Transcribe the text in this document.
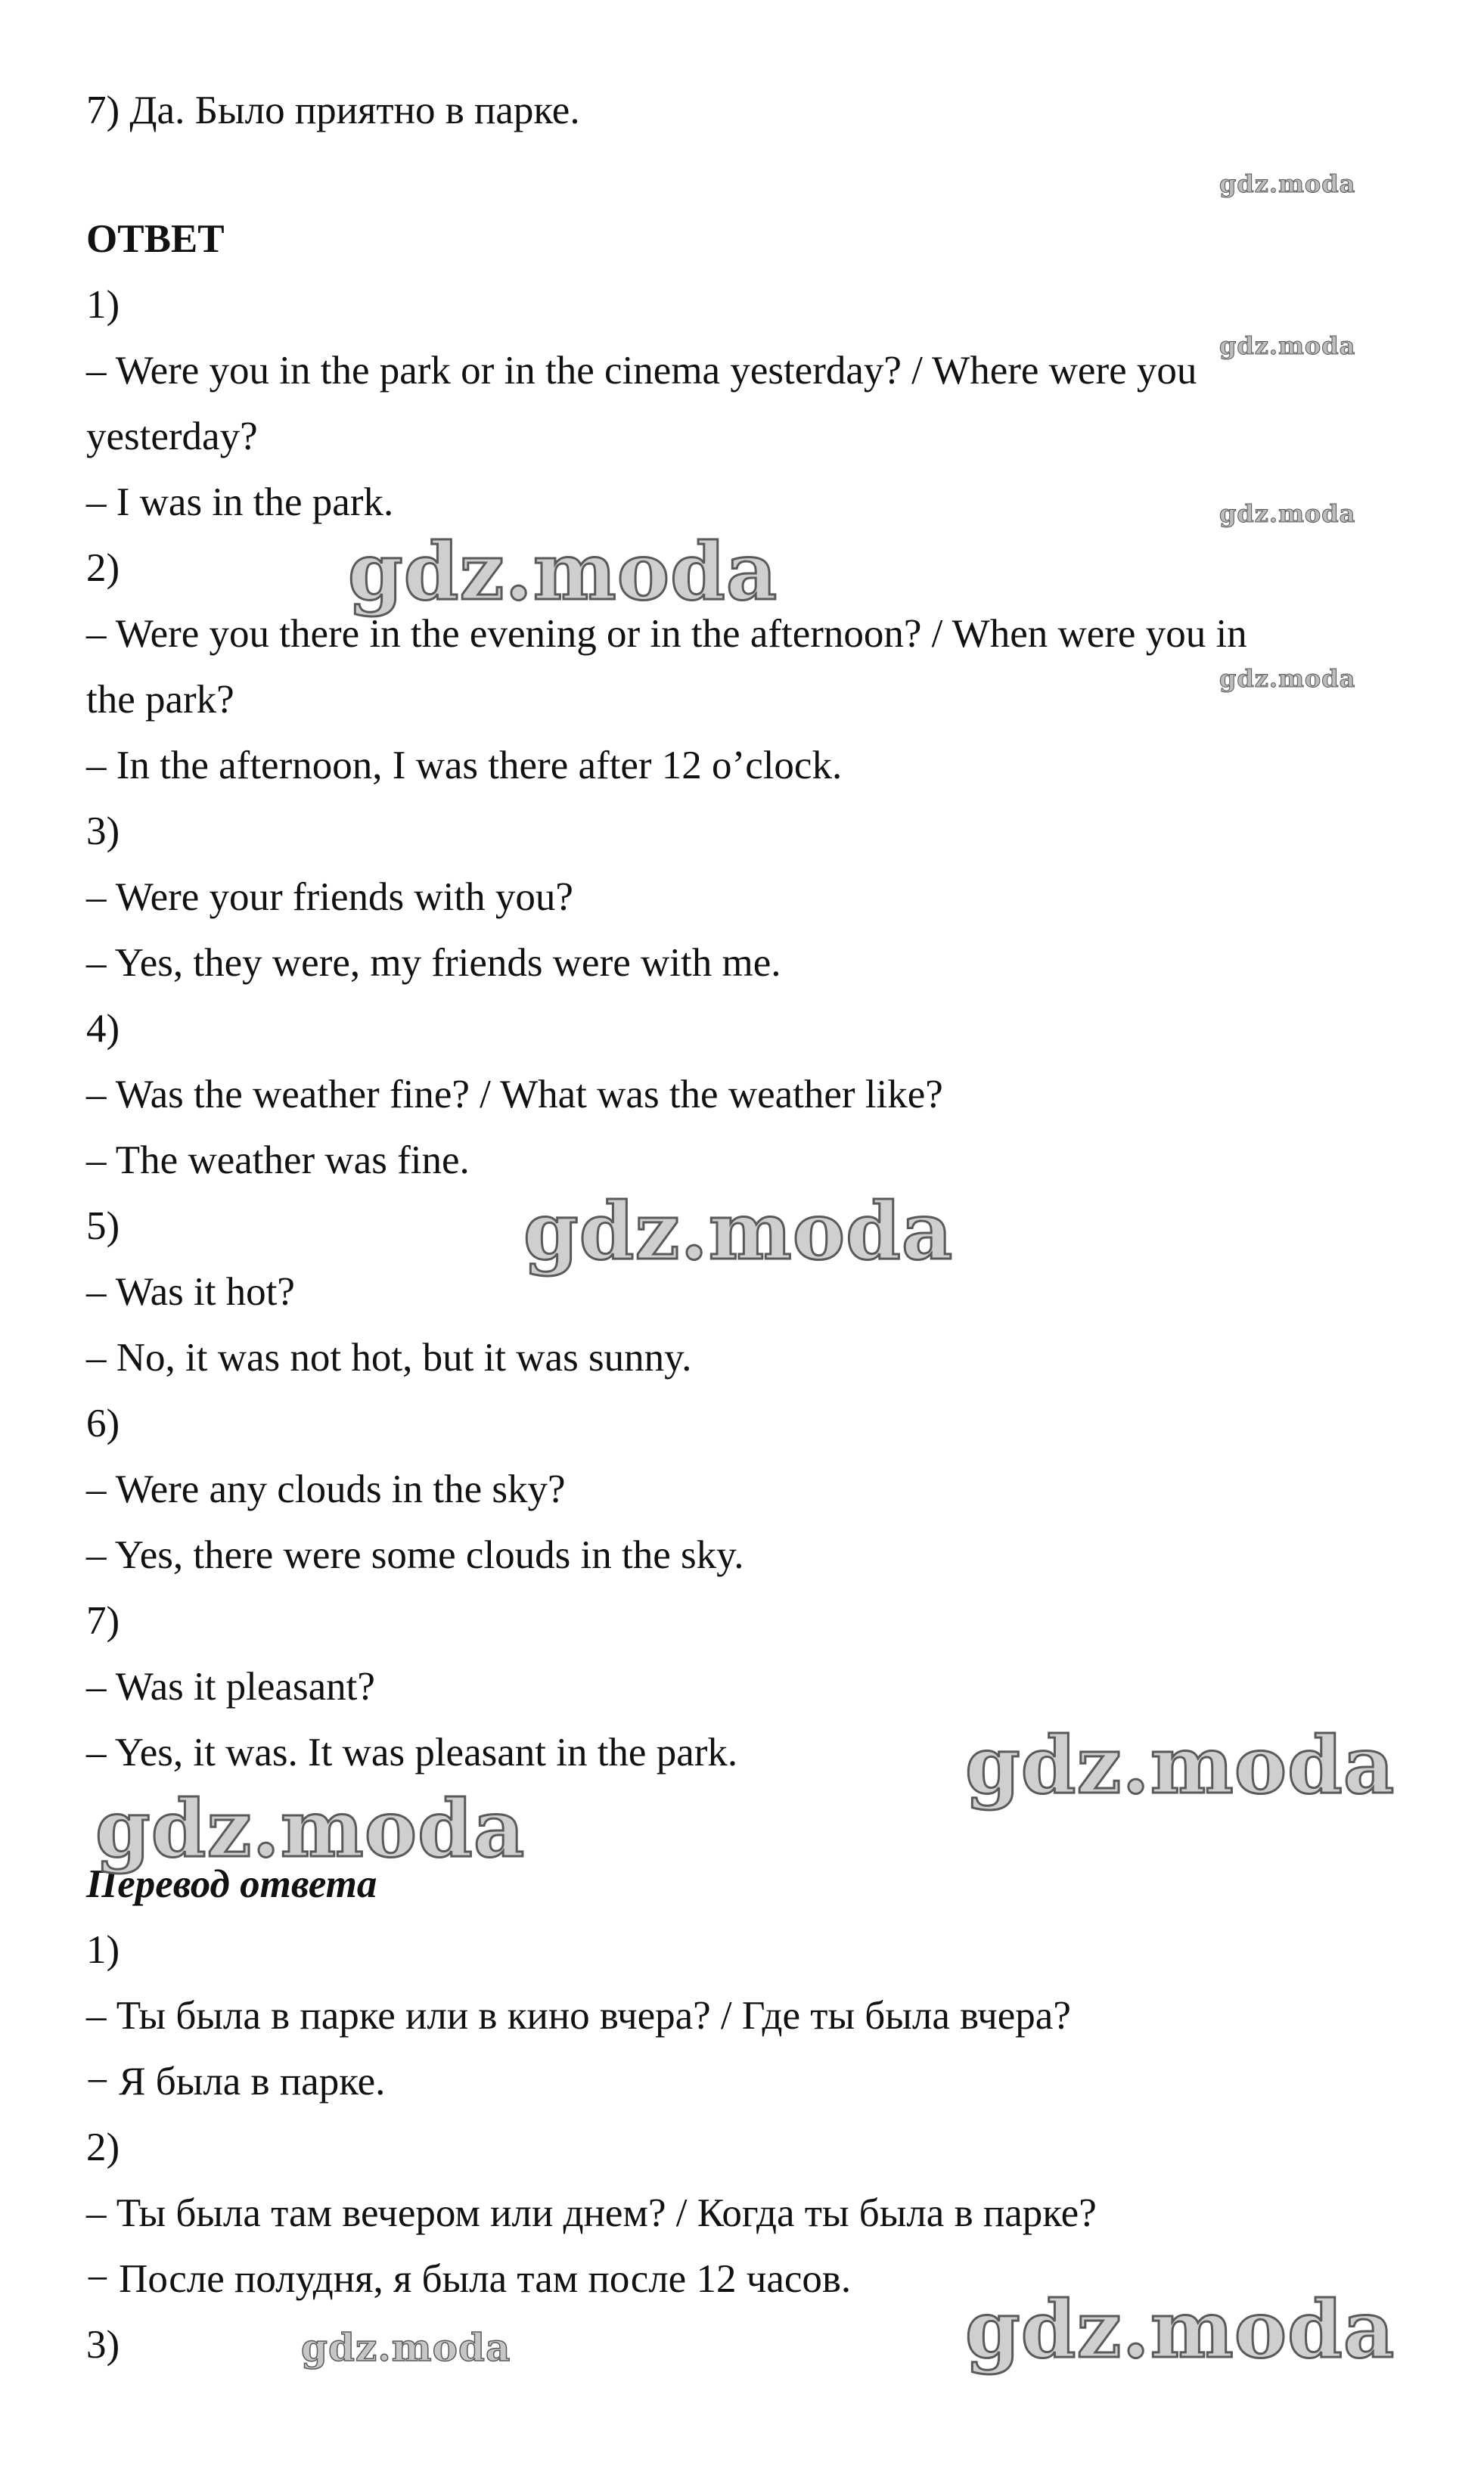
7) Да. Было приятно в парке.
ОТВЕТ
1)
– Were you in the park or in the cinema yesterday? / Where were you
yesterday?
– I was in the park.
2)
– Were you there in the evening or in the afternoon? / When were you in
the park?
– In the afternoon, I was there after 12 o’clock.
3)
– Were your friends with you?
– Yes, they were, my friends were with me.
4)
– Was the weather fine? / What was the weather like?
– The weather was fine.
5)
– Was it hot?
– No, it was not hot, but it was sunny.
6)
– Were any clouds in the sky?
– Yes, there were some clouds in the sky.
7)
– Was it pleasant?
– Yes, it was. It was pleasant in the park.
Перевод ответа
1)
– Ты была в парке или в кино вчера? / Где ты была вчера?
− Я была в парке.
2)
– Ты была там вечером или днем? / Когда ты была в парке?
− После полудня, я была там после 12 часов.
3)
gdz.moda
gdz.moda
gdz.moda
gdz.moda
gdz.moda
gdz.moda
gdz.moda
gdz.moda
gdz.moda
gdz.moda
